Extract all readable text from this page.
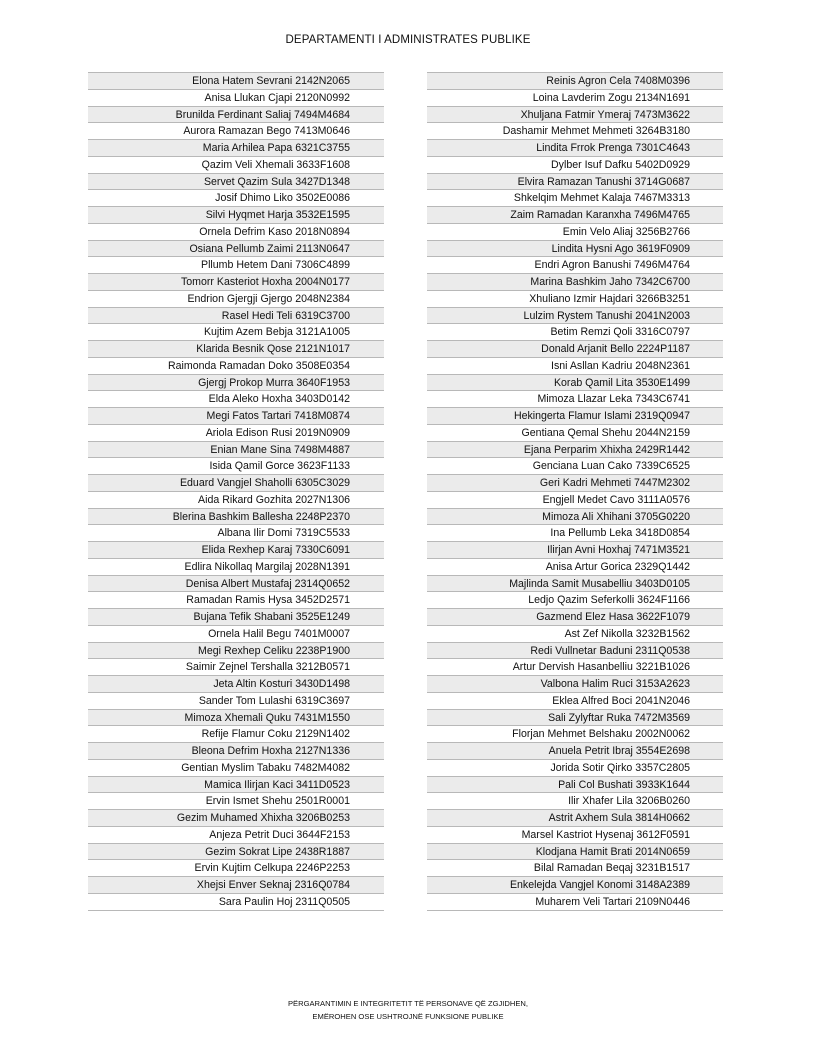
DEPARTAMENTI I ADMINISTRATES PUBLIKE
Elona Hatem Sevrani 2142N2065
Anisa Llukan Cjapi 2120N0992
Brunilda Ferdinant Saliaj 7494M4684
Aurora Ramazan Bego 7413M0646
Maria Arhilea Papa 6321C3755
Qazim Veli Xhemali 3633F1608
Servet Qazim Sula 3427D1348
Josif Dhimo Liko 3502E0086
Silvi Hyqmet Harja 3532E1595
Ornela Defrim Kaso 2018N0894
Osiana Pellumb Zaimi 2113N0647
Pllumb Hetem Dani 7306C4899
Tomorr Kasteriot Hoxha 2004N0177
Endrion Gjergji Gjergo 2048N2384
Rasel Hedi Teli 6319C3700
Kujtim Azem Bebja 3121A1005
Klarida Besnik Qose 2121N1017
Raimonda Ramadan Doko 3508E0354
Gjergj Prokop Murra 3640F1953
Elda Aleko Hoxha 3403D0142
Megi Fatos Tartari 7418M0874
Ariola Edison Rusi 2019N0909
Enian Mane Sina 7498M4887
Isida Qamil Gorce 3623F1133
Eduard Vangjel Shaholli 6305C3029
Aida Rikard Gozhita 2027N1306
Blerina Bashkim Ballesha 2248P2370
Albana Ilir Domi 7319C5533
Elida Rexhep Karaj 7330C6091
Edlira Nikollaq Margilaj 2028N1391
Denisa Albert Mustafaj 2314Q0652
Ramadan Ramis Hysa 3452D2571
Bujana Tefik Shabani 3525E1249
Ornela Halil Begu 7401M0007
Megi Rexhep Celiku 2238P1900
Saimir Zejnel Tershalla 3212B0571
Jeta Altin Kosturi 3430D1498
Sander Tom Lulashi 6319C3697
Mimoza Xhemali Quku 7431M1550
Refije Flamur Coku 2129N1402
Bleona Defrim Hoxha 2127N1336
Gentian Myslim Tabaku 7482M4082
Mamica Ilirjan Kaci 3411D0523
Ervin Ismet Shehu 2501R0001
Gezim Muhamed Xhixha 3206B0253
Anjeza Petrit Duci 3644F2153
Gezim Sokrat Lipe 2438R1887
Ervin Kujtim Celkupa 2246P2253
Xhejsi Enver Seknaj 2316Q0784
Sara Paulin Hoj 2311Q0505
Reinis Agron Cela 7408M0396
Loina Lavderim Zogu 2134N1691
Xhuljana Fatmir Ymeraj 7473M3622
Dashamir Mehmet Mehmeti 3264B3180
Lindita Frrok Prenga 7301C4643
Dylber Isuf Dafku 5402D0929
Elvira Ramazan Tanushi 3714G0687
Shkelqim Mehmet Kalaja 7467M3313
Zaim Ramadan Karanxha 7496M4765
Emin Velo Aliaj 3256B2766
Lindita Hysni Ago 3619F0909
Endri Agron Banushi 7496M4764
Marina Bashkim Jaho 7342C6700
Xhuliano Izmir Hajdari 3266B3251
Lulzim Rystem Tanushi 2041N2003
Betim Remzi Qoli 3316C0797
Donald Arjanit Bello 2224P1187
Isni Asllan Kadriu 2048N2361
Korab Qamil Lita 3530E1499
Mimoza Llazar Leka 7343C6741
Hekingerta Flamur Islami 2319Q0947
Gentiana Qemal Shehu 2044N2159
Ejana Perparim Xhixha 2429R1442
Genciana Luan Cako 7339C6525
Geri Kadri Mehmeti 7447M2302
Engjell Medet Cavo 3111A0576
Mimoza Ali Xhihani 3705G0220
Ina Pellumb Leka 3418D0854
Ilirjan Avni Hoxhaj 7471M3521
Anisa Artur Gorica 2329Q1442
Majlinda Samit Musabelliu 3403D0105
Ledjo Qazim Seferkolli 3624F1166
Gazmend Elez Hasa 3622F1079
Ast Zef Nikolla 3232B1562
Redi Vullnetar Baduni 2311Q0538
Artur Dervish Hasanbelliu 3221B1026
Valbona Halim Ruci 3153A2623
Eklea Alfred Boci 2041N2046
Sali Zylyftar Ruka 7472M3569
Florjan Mehmet Belshaku 2002N0062
Anuela Petrit Ibraj 3554E2698
Jorida Sotir Qirko 3357C2805
Pali Col Bushati 3933K1644
Ilir Xhafer Lila 3206B0260
Astrit Axhem Sula 3814H0662
Marsel Kastriot Hysenaj 3612F0591
Klodjana Hamit Brati 2014N0659
Bilal Ramadan Beqaj 3231B1517
Enkelejda Vangjel Konomi 3148A2389
Muharem Veli Tartari 2109N0446
PËRGARANTIMIN E INTEGRITETIT TË PERSONAVE QË ZGJIDHEN,
EMËROHEN OSE USHTROJNË FUNKSIONE PUBLIKE
